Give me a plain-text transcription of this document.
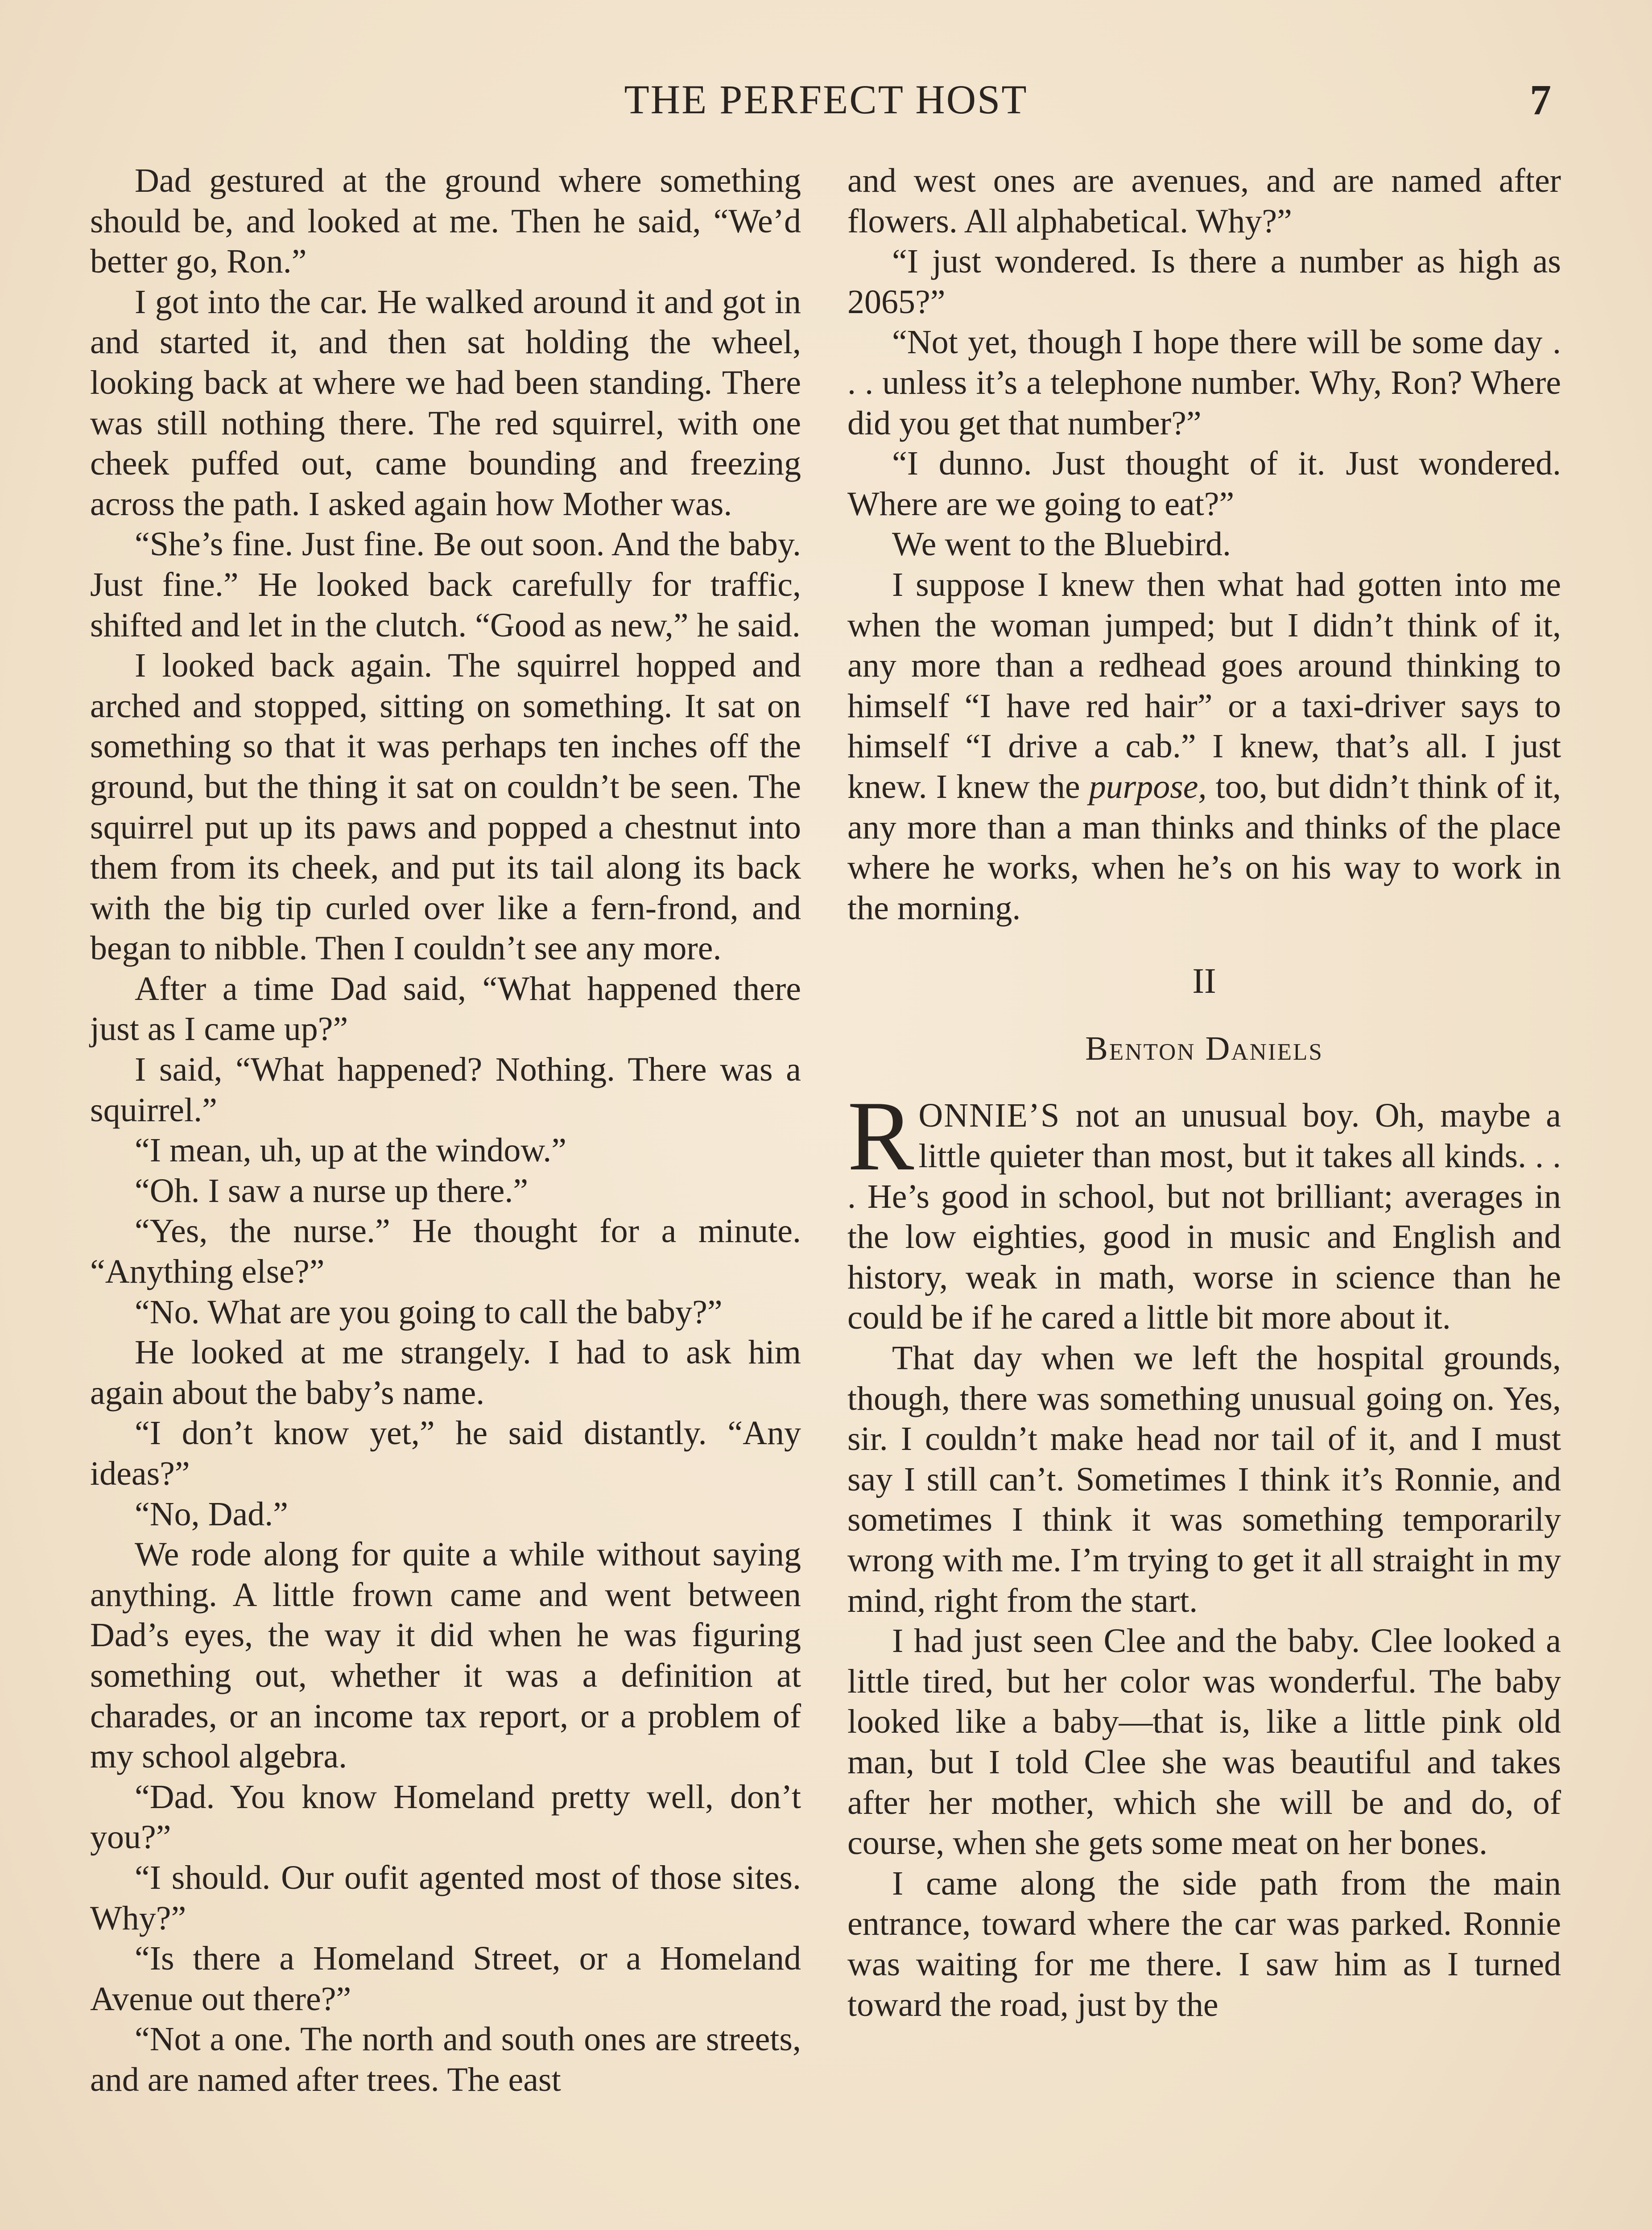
THE PERFECT HOST	7

Dad gestured at the ground where something should be, and looked at me. Then he said, “We’d better go, Ron.”

I got into the car. He walked around it and got in and started it, and then sat holding the wheel, looking back at where we had been standing. There was still nothing there. The red squirrel, with one cheek puffed out, came bounding and freezing across the path. I asked again how Mother was.

“She’s fine. Just fine. Be out soon. And the baby. Just fine.” He looked back carefully for traffic, shifted and let in the clutch. “Good as new,” he said.

I looked back again. The squirrel hopped and arched and stopped, sitting on something. It sat on something so that it was perhaps ten inches off the ground, but the thing it sat on couldn’t be seen. The squirrel put up its paws and popped a chestnut into them from its cheek, and put its tail along its back with the big tip curled over like a fern-frond, and began to nibble. Then I couldn’t see any more.

After a time Dad said, “What happened there just as I came up?”

I said, “What happened? Nothing. There was a squirrel.”

“I mean, uh, up at the window.”

“Oh. I saw a nurse up there.”

“Yes, the nurse.” He thought for a minute. “Anything else?”

“No. What are you going to call the baby?”

He looked at me strangely. I had to ask him again about the baby’s name.

“I don’t know yet,” he said distantly. “Any ideas?”

“No, Dad.”

We rode along for quite a while without saying anything. A little frown came and went between Dad’s eyes, the way it did when he was figuring something out, whether it was a definition at charades, or an income tax report, or a problem of my school algebra.

“Dad. You know Homeland pretty well, don’t you?”

“I should. Our oufit agented most of those sites. Why?”

“Is there a Homeland Street, or a Homeland Avenue out there?”

“Not a one. The north and south ones are streets, and are named after trees. The east

and west ones are avenues, and are named after flowers. All alphabetical. Why?”

“I just wondered. Is there a number as high as 2065?”

“Not yet, though I hope there will be some day . . . unless it’s a telephone number. Why, Ron? Where did you get that number?”

“I dunno. Just thought of it. Just wondered. Where are we going to eat?”

We went to the Bluebird.

I suppose I knew then what had gotten into me when the woman jumped; but I didn’t think of it, any more than a redhead goes around thinking to himself “I have red hair” or a taxi-driver says to himself “I drive a cab.” I knew, that’s all. I just knew. I knew the purpose, too, but didn’t think of it, any more than a man thinks and thinks of the place where he works, when he’s on his way to work in the morning.

II
Benton Daniels

RONNIE’S not an unusual boy. Oh, maybe a little quieter than most, but it takes all kinds. . . . He’s good in school, but not brilliant; averages in the low eighties, good in music and English and history, weak in math, worse in science than he could be if he cared a little bit more about it.

That day when we left the hospital grounds, though, there was something unusual going on. Yes, sir. I couldn’t make head nor tail of it, and I must say I still can’t. Sometimes I think it’s Ronnie, and sometimes I think it was something temporarily wrong with me. I’m trying to get it all straight in my mind, right from the start.

I had just seen Clee and the baby. Clee looked a little tired, but her color was wonderful. The baby looked like a baby—that is, like a little pink old man, but I told Clee she was beautiful and takes after her mother, which she will be and do, of course, when she gets some meat on her bones.

I came along the side path from the main entrance, toward where the car was parked. Ronnie was waiting for me there. I saw him as I turned toward the road, just by the
